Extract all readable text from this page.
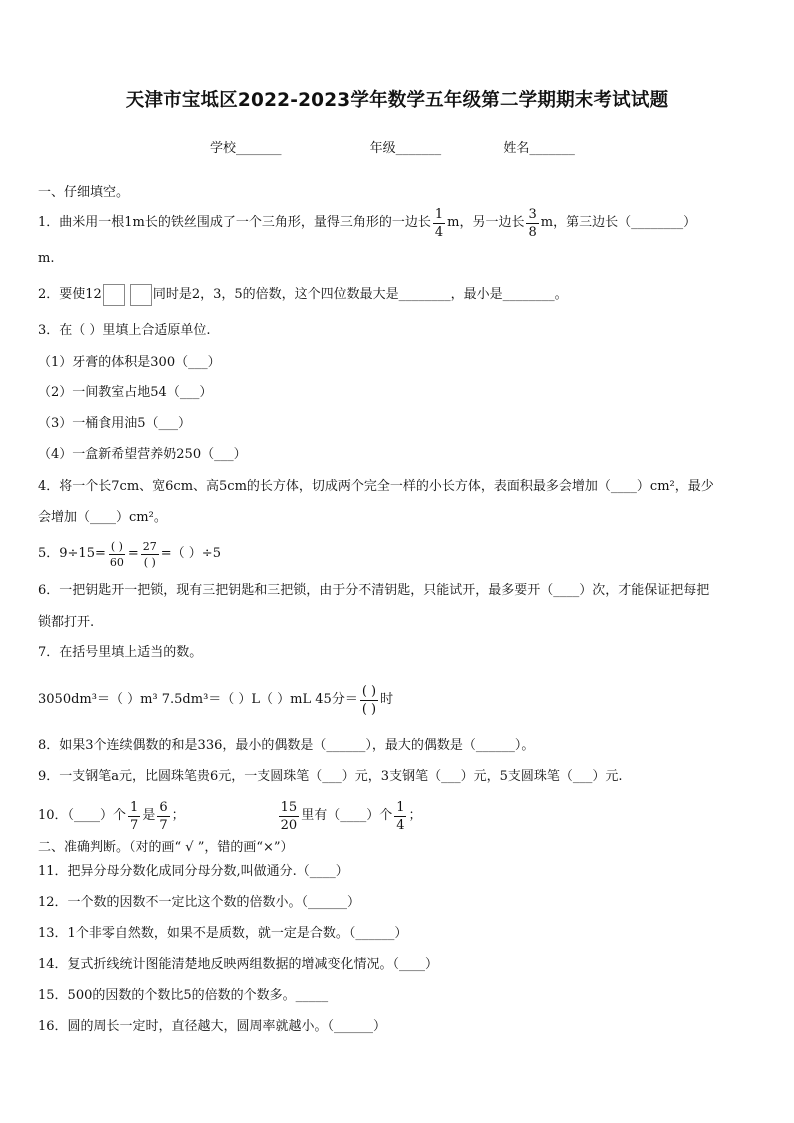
天津市宝坻区2022-2023学年数学五年级第二学期期末考试试题
学校_______	年级_______	姓名_______
一、仔细填空。
1．曲米用一根1m长的铁丝围成了一个三角形，量得三角形的一边长 $\frac{1}{4}$ m，另一边长 $\frac{3}{8}$ m，第三边长（________）
m.
2．要使12	同时是2，3，5的倍数，这个四位数最大是________，最小是________。
3．在（ ）里填上合适原单位.
（1）牙膏的体积是300（___）
（2）一间教室占地54（___）
（3）一桶食用油5（___）
（4）一盒新希望营养奶250（___）
4．将一个长7cm、宽6cm、高5cm的长方体，切成两个完全一样的小长方体，表面积最多会增加（____）cm²，最少
会增加（____）cm²。
5．$9\div 15= \frac{( )}{60} = \frac{27}{( )}$ =（ ）÷5
6．一把钥匙开一把锁，现有三把钥匙和三把锁，由于分不清钥匙，只能试开，最多要开（____）次，才能保证把每把
锁都打开.
7．在括号里填上适当的数。
3050dm³＝（ ）m³ 7.5dm³＝（ ）L（ ）mL 45分＝ $\frac{( )}{( )}$ 时
8．如果3个连续偶数的和是336，最小的偶数是（______），最大的偶数是（______）。
9．一支钢笔a元，比圆珠笔贵6元，一支圆珠笔（___）元，3支钢笔（___）元，5支圆珠笔（___）元.
10．（____）个 $\frac{1}{7}$ 是 $\frac{6}{7}$ ；	$\frac{15}{20}$ 里有（____）个 $\frac{1}{4}$ ；
二、准确判断。（对的画“ √ ”，错的画“×”）
11．把异分母分数化成同分母分数,叫做通分.（____）
12．一个数的因数不一定比这个数的倍数小。（______）
13．1个非零自然数，如果不是质数，就一定是合数。（______）
14．复式折线统计图能清楚地反映两组数据的增减变化情况。（____）
15．500的因数的个数比5的倍数的个数多。_____
16．圆的周长一定时，直径越大，圆周率就越小。（______）
